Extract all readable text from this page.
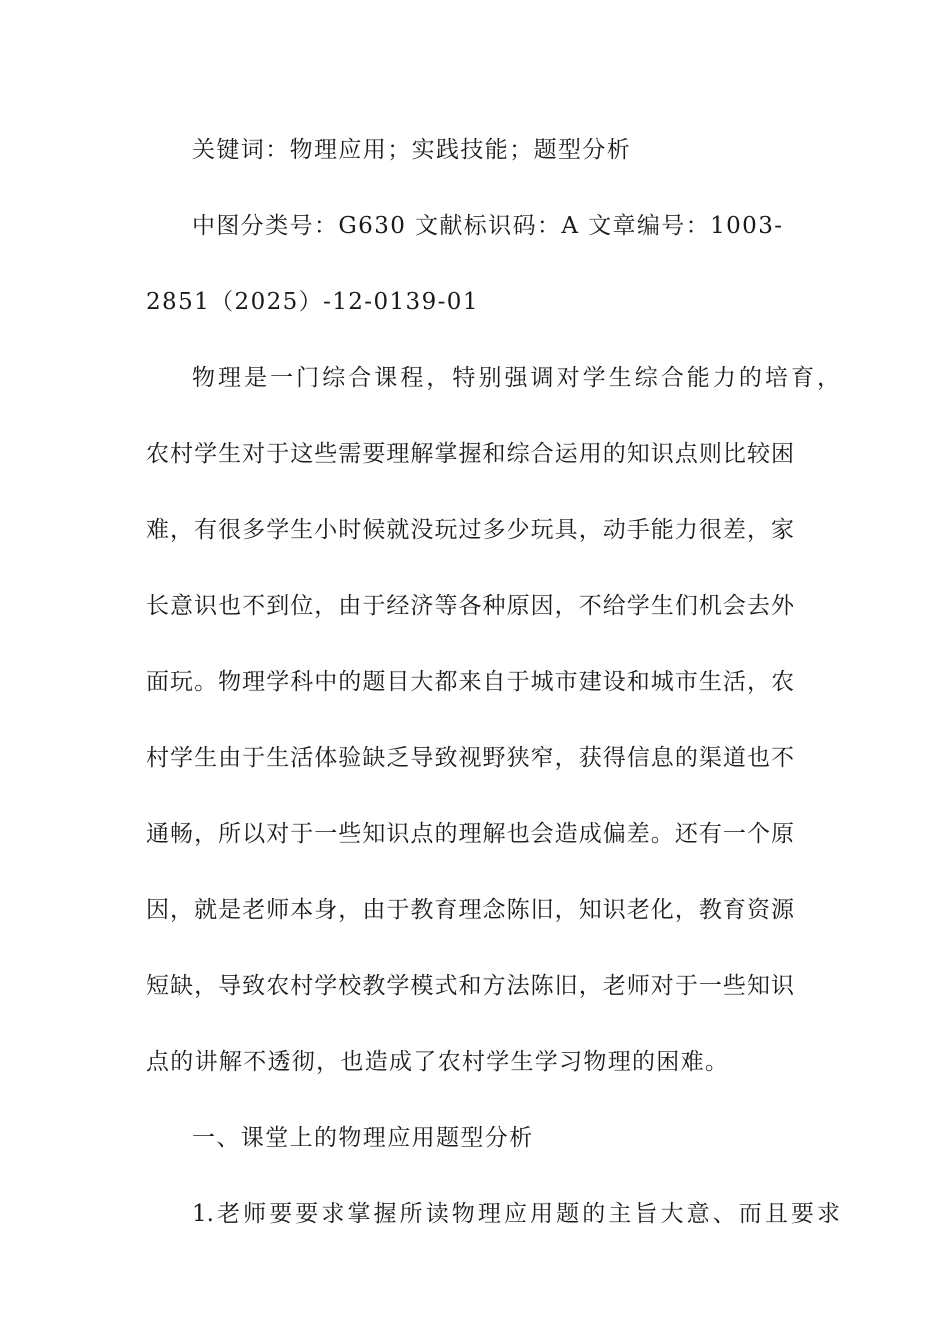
关键词：物理应用；实践技能；题型分析
中图分类号：G630 文献标识码：A 文章编号：1003-
2851（2025）-12-0139-01
物理是一门综合课程，特别强调对学生综合能力的培育，
农村学生对于这些需要理解掌握和综合运用的知识点则比较困
难，有很多学生小时候就没玩过多少玩具，动手能力很差，家
长意识也不到位，由于经济等各种原因，不给学生们机会去外
面玩。物理学科中的题目大都来自于城市建设和城市生活，农
村学生由于生活体验缺乏导致视野狭窄，获得信息的渠道也不
通畅，所以对于一些知识点的理解也会造成偏差。还有一个原
因，就是老师本身，由于教育理念陈旧，知识老化，教育资源
短缺，导致农村学校教学模式和方法陈旧，老师对于一些知识
点的讲解不透彻，也造成了农村学生学习物理的困难。
一、课堂上的物理应用题型分析
1.老师要要求掌握所读物理应用题的主旨大意、而且要求
